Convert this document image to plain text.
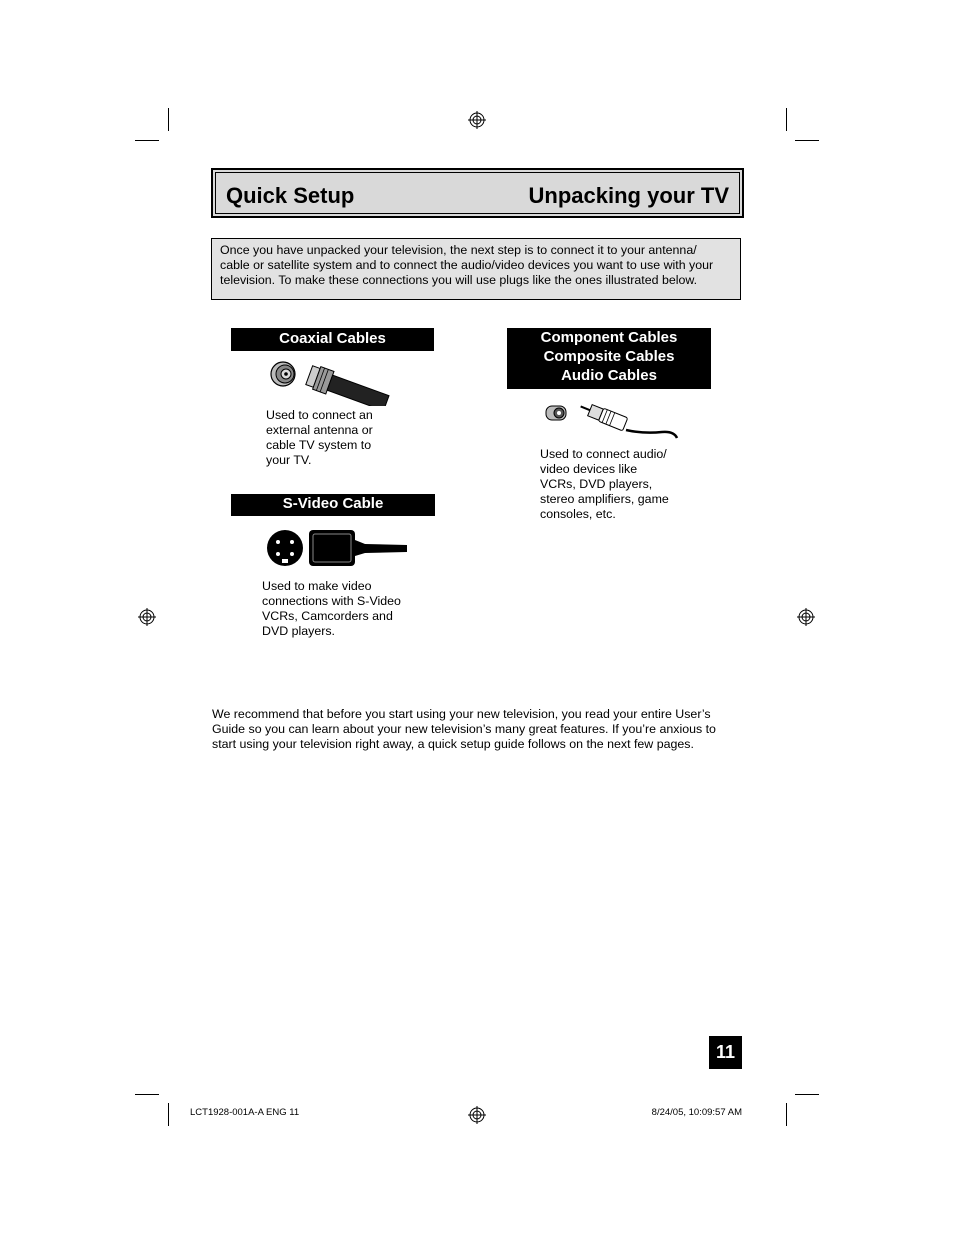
Quick Setup	Unpacking your TV
Once you have unpacked your television, the next step is to connect it to your antenna/
cable or satellite system and to connect the audio/video devices you want to use with your
television. To make these connections you will use plugs like the ones illustrated below.
Coaxial Cables
Used to connect an
external antenna or
cable TV system to
your TV.
S-Video Cable
Used to make video
connections with S-Video
VCRs, Camcorders and
DVD players.
Component Cables
Composite Cables
Audio Cables
Used to connect audio/
video devices like
VCRs, DVD players,
stereo amplifiers, game
consoles, etc.
We recommend that before you start using your new television, you read your entire User’s
Guide so you can learn about your new television’s many great features. If you’re anxious to
start using your television right away, a quick setup guide follows on the next few pages.
11
LCT1928-001A-A ENG 11	8/24/05, 10:09:57 AM
